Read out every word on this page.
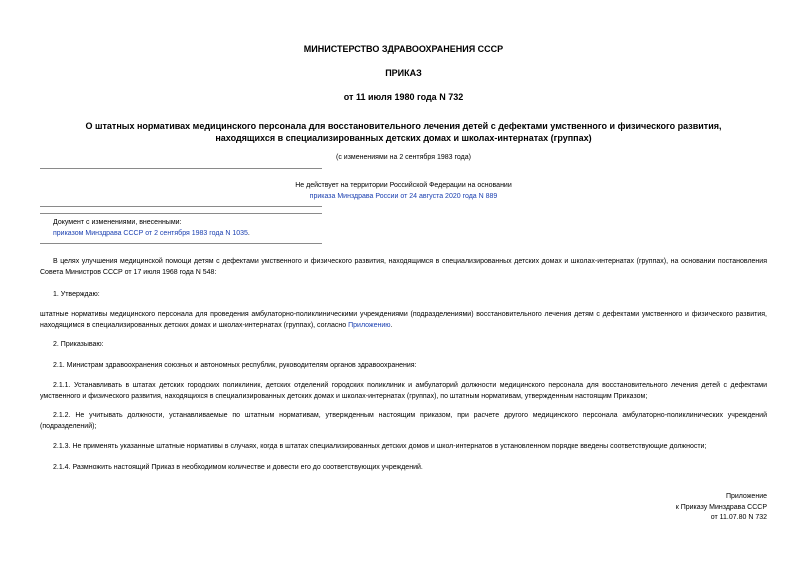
МИНИСТЕРСТВО ЗДРАВООХРАНЕНИЯ СССР
ПРИКАЗ
от 11 июля 1980 года N 732
О штатных нормативах медицинского персонала для восстановительного лечения детей с дефектами умственного и физического развития, находящихся в специализированных детских домах и школах-интернатах (группах)
(с изменениями на 2 сентября 1983 года)
Не действует на территории Российской Федерации на основании
приказа Минздрава России от 24 августа 2020 года N 889
Документ с изменениями, внесенными:
приказом Минздрава СССР от 2 сентября 1983 года N 1035.
В целях улучшения медицинской помощи детям с дефектами умственного и физического развития, находящимся в специализированных детских домах и школах-интернатах (группах), на основании постановления Совета Министров СССР от 17 июля 1968 года N 548:
1. Утверждаю:
штатные нормативы медицинского персонала для проведения амбулаторно-поликлиническими учреждениями (подразделениями) восстановительного лечения детям с дефектами умственного и физического развития, находящимся в специализированных детских домах и школах-интернатах (группах), согласно Приложению.
2. Приказываю:
2.1. Министрам здравоохранения союзных и автономных республик, руководителям органов здравоохранения:
2.1.1. Устанавливать в штатах детских городских поликлиник, детских отделений городских поликлиник и амбулаторий должности медицинского персонала для восстановительного лечения детей с дефектами умственного и физического развития, находящихся в специализированных детских домах и школах-интернатах (группах), по штатным нормативам, утвержденным настоящим Приказом;
2.1.2. Не учитывать должности, устанавливаемые по штатным нормативам, утвержденным настоящим приказом, при расчете другого медицинского персонала амбулаторно-поликлинических учреждений (подразделений);
2.1.3. Не применять указанные штатные нормативы в случаях, когда в штатах специализированных детских домов и школ-интернатов в установленном порядке введены соответствующие должности;
2.1.4. Размножить настоящий Приказ в необходимом количестве и довести его до соответствующих учреждений.
Приложение
к Приказу Минздрава СССР
от 11.07.80 N 732
